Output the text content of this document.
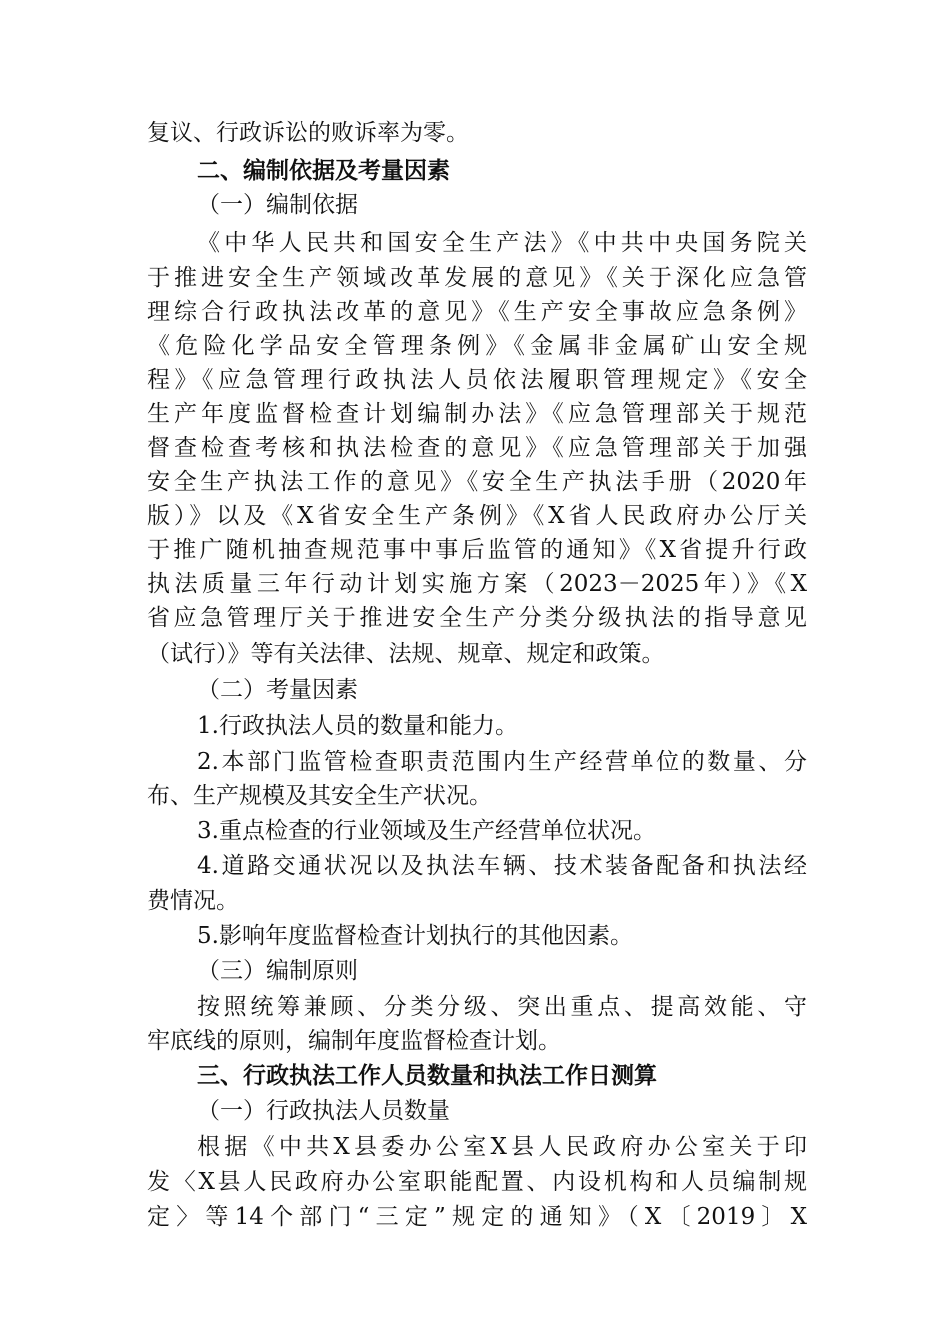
复议、行政诉讼的败诉率为零。
二、编制依据及考量因素
（一）编制依据
《中华人民共和国安全生产法》《中共中央国务院关
于推进安全生产领域改革发展的意见》《关于深化应急管
理综合行政执法改革的意见》《生产安全事故应急条例》
《危险化学品安全管理条例》《金属非金属矿山安全规
程》《应急管理行政执法人员依法履职管理规定》《安全
生产年度监督检查计划编制办法》《应急管理部关于规范
督查检查考核和执法检查的意见》《应急管理部关于加强
安全生产执法工作的意见》《安全生产执法手册（2020年
版）》以及《X省安全生产条例》《X省人民政府办公厅关
于推广随机抽查规范事中事后监管的通知》《X省提升行政
执法质量三年行动计划实施方案（2023－2025年）》《X
省应急管理厅关于推进安全生产分类分级执法的指导意见
（试行）》等有关法律、法规、规章、规定和政策。
（二）考量因素
1.行政执法人员的数量和能力。
2.本部门监管检查职责范围内生产经营单位的数量、分
布、生产规模及其安全生产状况。
3.重点检查的行业领域及生产经营单位状况。
4.道路交通状况以及执法车辆、技术装备配备和执法经
费情况。
5.影响年度监督检查计划执行的其他因素。
（三）编制原则
按照统筹兼顾、分类分级、突出重点、提高效能、守
牢底线的原则，编制年度监督检查计划。
三、行政执法工作人员数量和执法工作日测算
（一）行政执法人员数量
根据《中共X县委办公室X县人民政府办公室关于印
发〈X县人民政府办公室职能配置、内设机构和人员编制规
定〉等14个部门“三定”规定的通知》（X〔2019〕X
